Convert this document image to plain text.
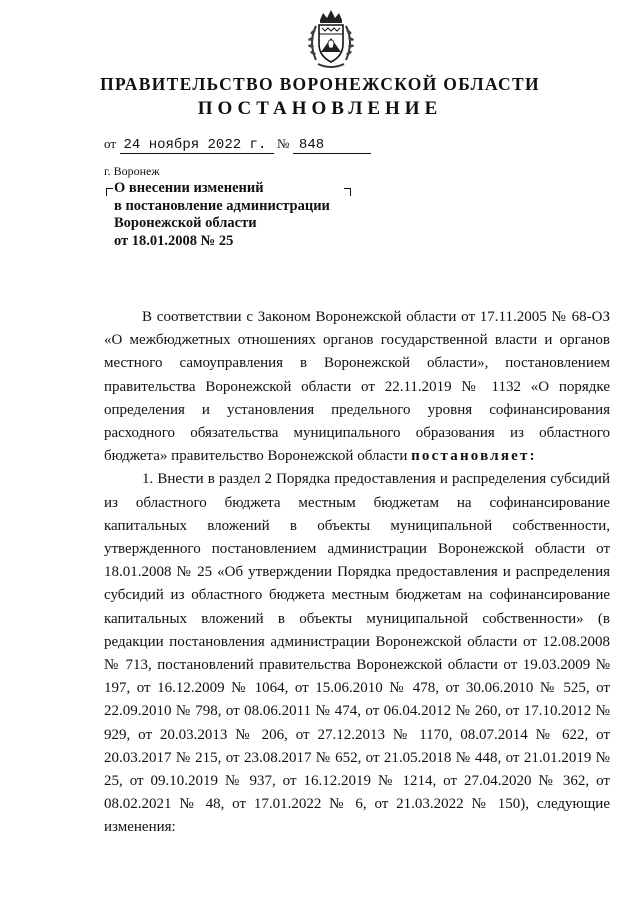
ПРАВИТЕЛЬСТВО ВОРОНЕЖСКОЙ ОБЛАСТИ
ПОСТАНОВЛЕНИЕ
от 24 ноября 2022 г. № 848
г. Воронеж
О внесении изменений
в постановление администрации
Воронежской области
от 18.01.2008 № 25

В соответствии с Законом Воронежской области от 17.11.2005 № 68-ОЗ «О межбюджетных отношениях органов государственной власти и органов местного самоуправления в Воронежской области», постановлением правительства Воронежской области от 22.11.2019 № 1132 «О порядке определения и установления предельного уровня софинансирования расходного обязательства муниципального образования из областного бюджета» правительство Воронежской области постановляет:

1. Внести в раздел 2 Порядка предоставления и распределения субсидий из областного бюджета местным бюджетам на софинансирование капитальных вложений в объекты муниципальной собственности, утвержденного постановлением администрации Воронежской области от 18.01.2008 № 25 «Об утверждении Порядка предоставления и распределения субсидий из областного бюджета местным бюджетам на софинансирование капитальных вложений в объекты муниципальной собственности» (в редакции постановления администрации Воронежской области от 12.08.2008 № 713, постановлений правительства Воронежской области от 19.03.2009 № 197, от 16.12.2009 № 1064, от 15.06.2010 № 478, от 30.06.2010 № 525, от 22.09.2010 № 798, от 08.06.2011 № 474, от 06.04.2012 № 260, от 17.10.2012 № 929, от 20.03.2013 № 206, от 27.12.2013 № 1170, 08.07.2014 № 622, от 20.03.2017 № 215, от 23.08.2017 № 652, от 21.05.2018 № 448, от 21.01.2019 № 25, от 09.10.2019 № 937, от 16.12.2019 № 1214, от 27.04.2020 № 362, от 08.02.2021 № 48, от 17.01.2022 № 6, от 21.03.2022 № 150), следующие изменения:
